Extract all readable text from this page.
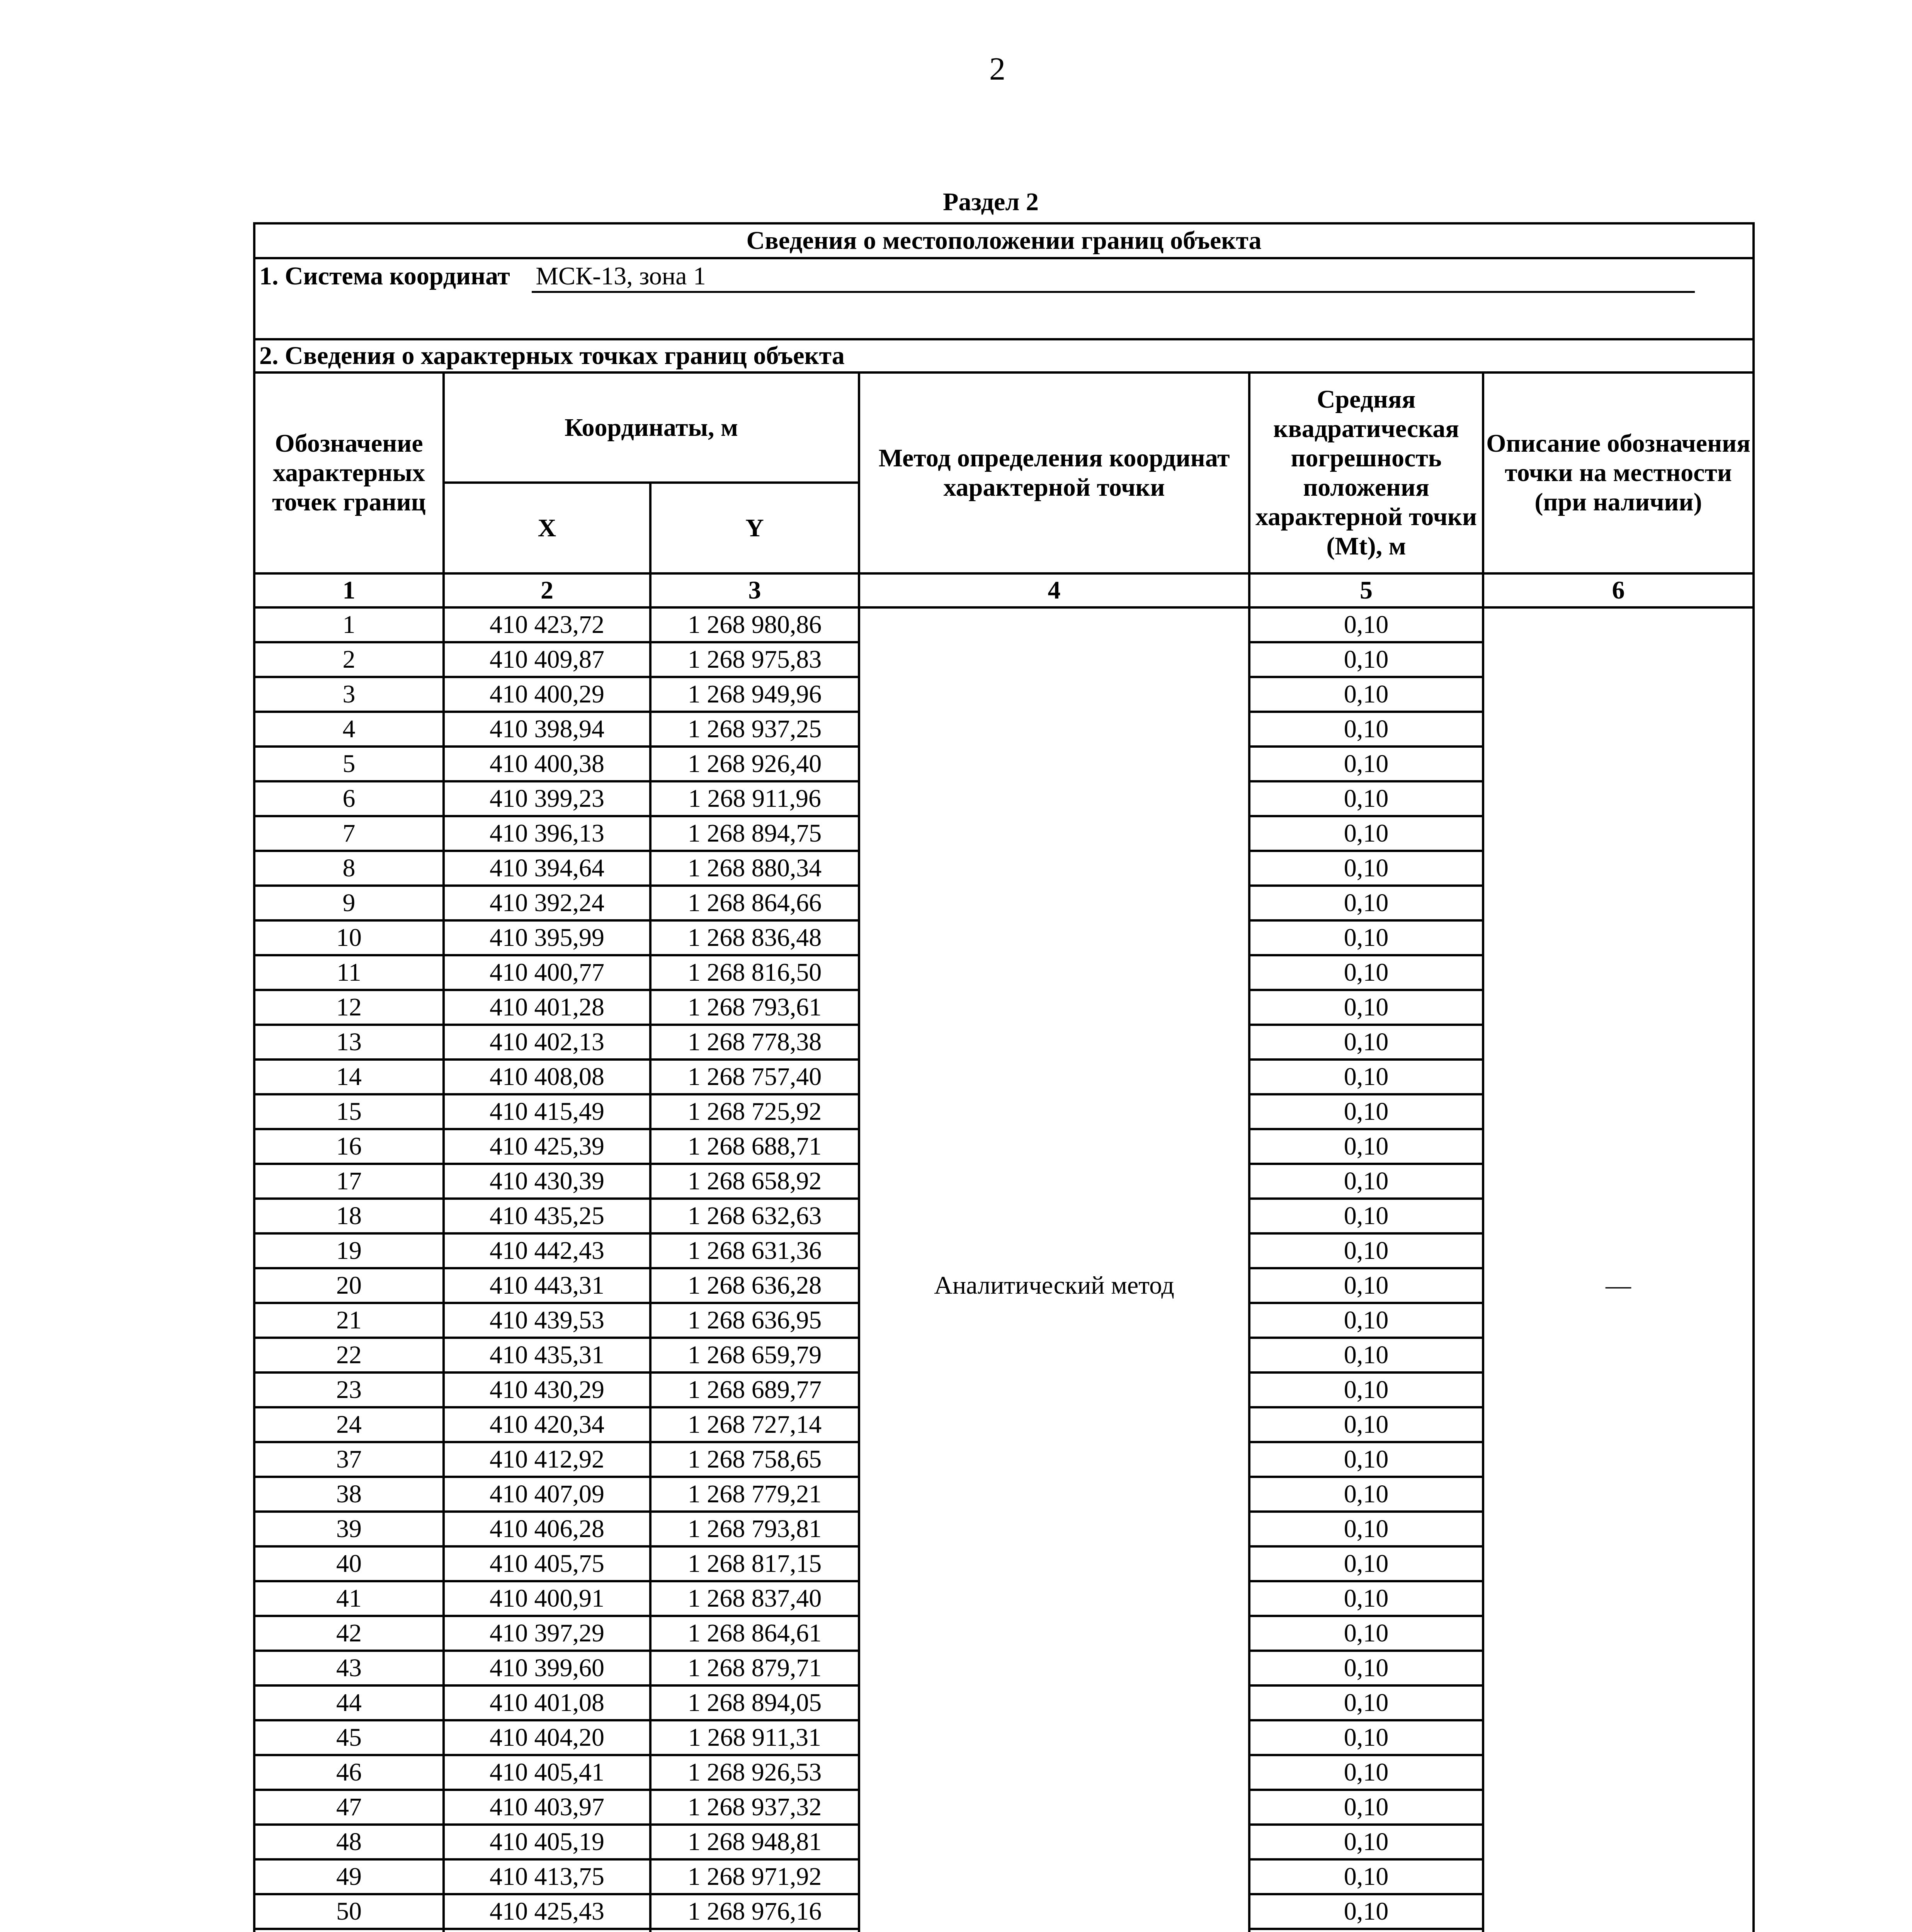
2
Раздел 2
Сведения о местоположении границ объекта					
1. Система координат МСК-13, зона 1					
2. Сведения о характерных точках границ объекта					
Обозначение характерных точек границ	Координаты, м		Метод определения координат характерной точки	Средняя квадратическая погрешность положения характерной точки (Mt), м	Описание обозначения точки на местности (при наличии)
	X	Y			
1	2	3	4	5	6
1	410 423,72	1 268 980,86	Аналитический метод	0,10	—
2	410 409,87	1 268 975,83		0,10	
3	410 400,29	1 268 949,96		0,10	
4	410 398,94	1 268 937,25		0,10	
5	410 400,38	1 268 926,40		0,10	
6	410 399,23	1 268 911,96		0,10	
7	410 396,13	1 268 894,75		0,10	
8	410 394,64	1 268 880,34		0,10	
9	410 392,24	1 268 864,66		0,10	
10	410 395,99	1 268 836,48		0,10	
11	410 400,77	1 268 816,50		0,10	
12	410 401,28	1 268 793,61		0,10	
13	410 402,13	1 268 778,38		0,10	
14	410 408,08	1 268 757,40		0,10	
15	410 415,49	1 268 725,92		0,10	
16	410 425,39	1 268 688,71		0,10	
17	410 430,39	1 268 658,92		0,10	
18	410 435,25	1 268 632,63		0,10	
19	410 442,43	1 268 631,36		0,10	
20	410 443,31	1 268 636,28		0,10	
21	410 439,53	1 268 636,95		0,10	
22	410 435,31	1 268 659,79		0,10	
23	410 430,29	1 268 689,77		0,10	
24	410 420,34	1 268 727,14		0,10	
37	410 412,92	1 268 758,65		0,10	
38	410 407,09	1 268 779,21		0,10	
39	410 406,28	1 268 793,81		0,10	
40	410 405,75	1 268 817,15		0,10	
41	410 400,91	1 268 837,40		0,10	
42	410 397,29	1 268 864,61		0,10	
43	410 399,60	1 268 879,71		0,10	
44	410 401,08	1 268 894,05		0,10	
45	410 404,20	1 268 911,31		0,10	
46	410 405,41	1 268 926,53		0,10	
47	410 403,97	1 268 937,32		0,10	
48	410 405,19	1 268 948,81		0,10	
49	410 413,75	1 268 971,92		0,10	
50	410 425,43	1 268 976,16		0,10	
